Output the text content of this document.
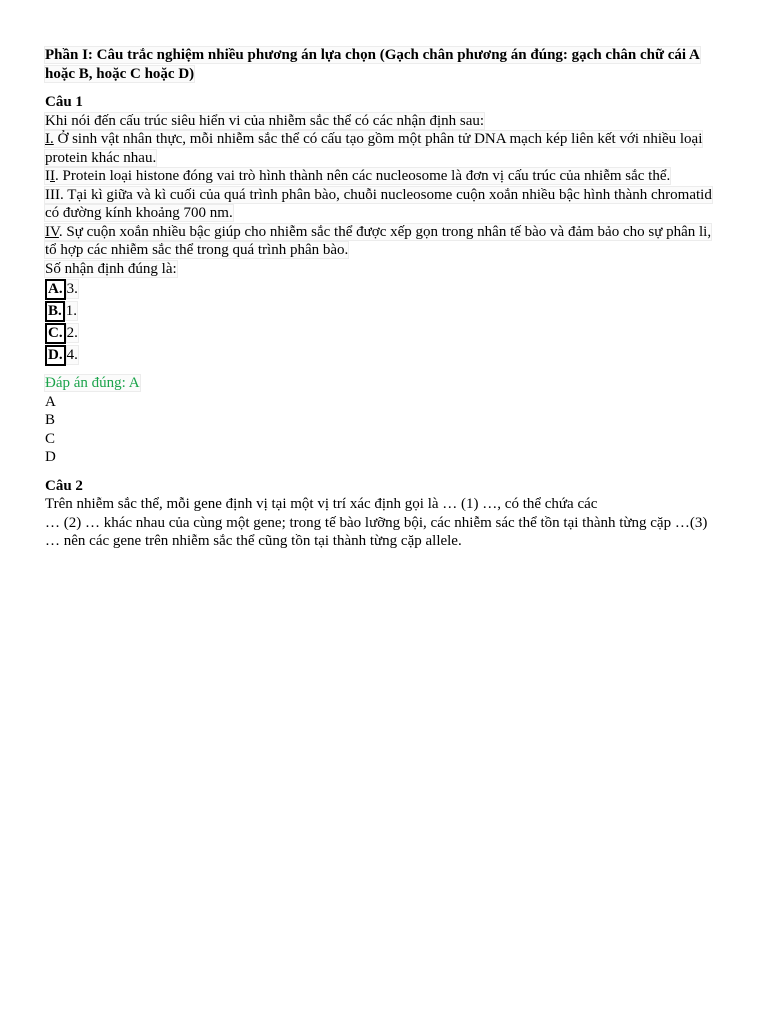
Phần I: Câu trắc nghiệm nhiều phương án lựa chọn (Gạch chân phương án đúng: gạch chân chữ cái A
hoặc B, hoặc C hoặc D)
Câu 1
Khi nói đến cấu trúc siêu hiển vi của nhiễm sắc thể có các nhận định sau:
I. Ở sinh vật nhân thực, mỗi nhiễm sắc thể có cấu tạo gồm một phân tử DNA mạch kép liên kết với nhiều loại
protein khác nhau.
II. Protein loại histone đóng vai trò hình thành nên các nucleosome là đơn vị cấu trúc của nhiễm sắc thể.
III. Tại kì giữa và kì cuối của quá trình phân bào, chuỗi nucleosome cuộn xoắn nhiều bậc hình thành chromatid
có đường kính khoảng 700 nm.
IV. Sự cuộn xoắn nhiều bậc giúp cho nhiễm sắc thể được xếp gọn trong nhân tế bào và đảm bảo cho sự phân li,
tổ hợp các nhiễm sắc thể trong quá trình phân bào.
Số nhận định đúng là:
A. 3.
B. 1.
C. 2.
D. 4.
Đáp án đúng: A
A
B
C
D
Câu 2
Trên nhiễm sắc thể, mỗi gene định vị tại một vị trí xác định gọi là … (1) …, có thể chứa các
… (2) … khác nhau của cùng một gene; trong tế bào lưỡng bội, các nhiễm sác thể tồn tại thành từng cặp …(3)
… nên các gene trên nhiễm sắc thể cũng tồn tại thành từng cặp allele.
